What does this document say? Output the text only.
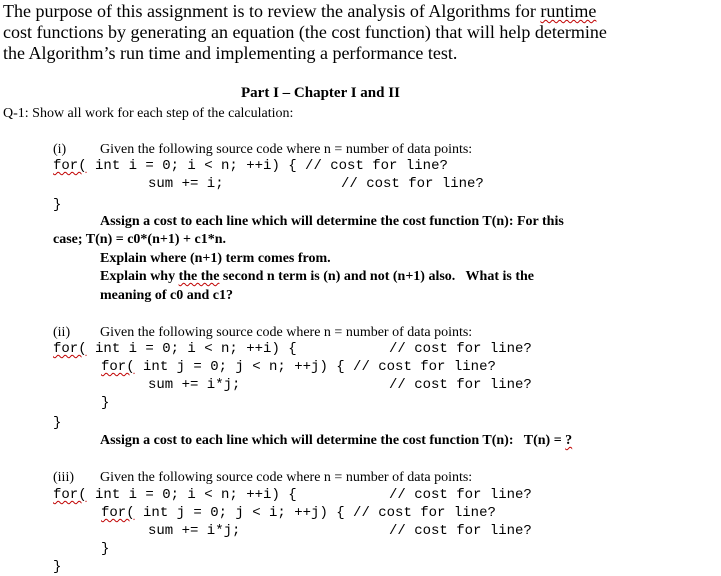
The purpose of this assignment is to review the analysis of Algorithms for runtime
cost functions by generating an equation (the cost function) that will help determine
the Algorithm’s run time and implementing a performance test.
Part I – Chapter I and II
Q-1: Show all work for each step of the calculation:
(i) Given the following source code where n = number of data points:
for( int i = 0; i < n; ++i) { // cost for line?
sum += i;	// cost for line?
}
Assign a cost to each line which will determine the cost function T(n): For this
case; T(n) = c0*(n+1) + c1*n.
Explain where (n+1) term comes from.
Explain why the the second n term is (n) and not (n+1) also.   What is the
meaning of c0 and c1?
(ii) Given the following source code where n = number of data points:
for( int i = 0; i < n; ++i) {	// cost for line?
for( int j = 0; j < n; ++j) { // cost for line?
sum += i*j;	// cost for line?
}
}
Assign a cost to each line which will determine the cost function T(n):   T(n) = ?
(iii) Given the following source code where n = number of data points:
for( int i = 0; i < n; ++i) {	// cost for line?
for( int j = 0; j < i; ++j) { // cost for line?
sum += i*j;	// cost for line?
}
}
